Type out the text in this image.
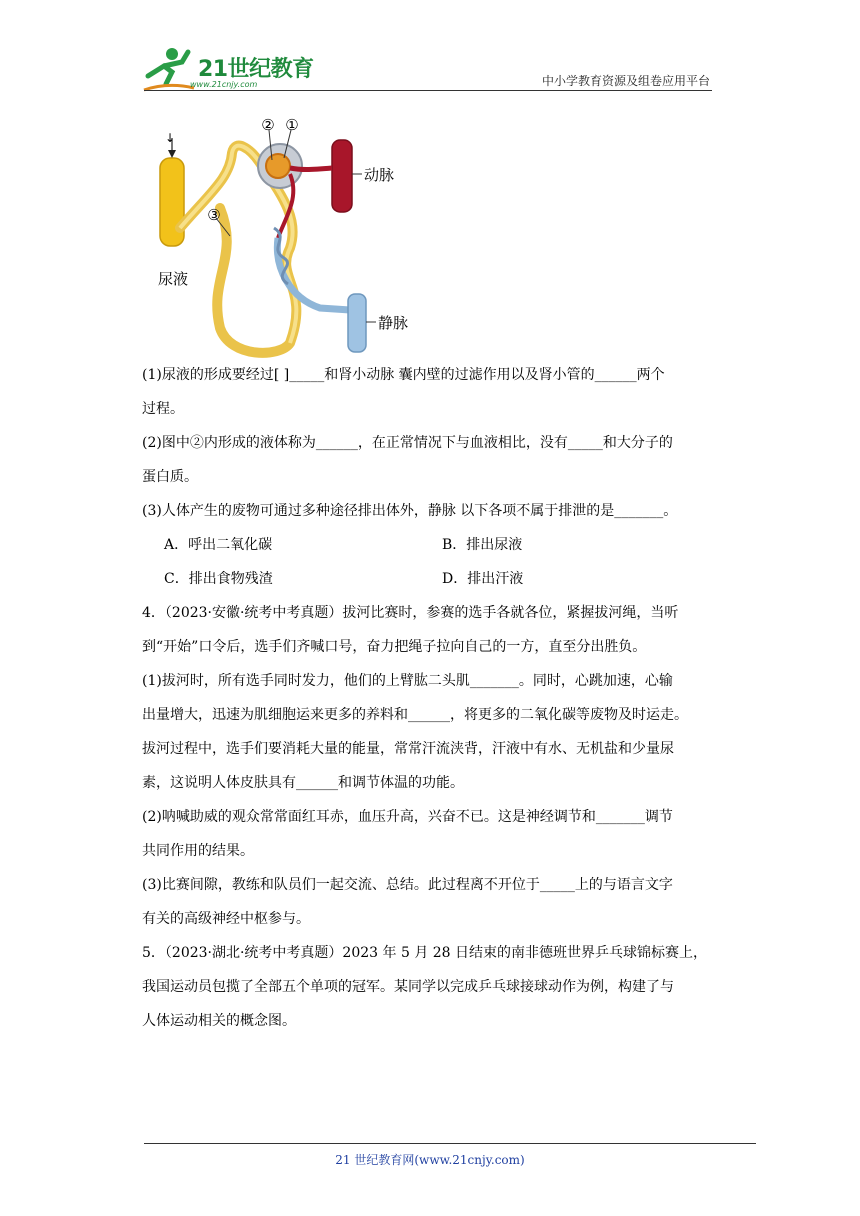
21世纪教育
www.21cnjy.com	中小学教育资源及组卷应用平台
↓
② ①
③
动脉
尿液
静脉

(1)尿液的形成要经过[ ]_____和肾小动脉 囊内壁的过滤作用以及肾小管的______两个

过程。

(2)图中②内形成的液体称为______，在正常情况下与血液相比，没有_____和大分子的

蛋白质。

(3)人体产生的废物可通过多种途径排出体外，静脉 以下各项不属于排泄的是_______。

A．呼出二氧化碳	B．排出尿液
C．排出食物残渣	D．排出汗液

4．（2023·安徽·统考中考真题）拔河比赛时，参赛的选手各就各位，紧握拔河绳，当听

到“开始”口令后，选手们齐喊口号，奋力把绳子拉向自己的一方，直至分出胜负。

(1)拔河时，所有选手同时发力，他们的上臂肱二头肌_______。同时，心跳加速，心输

出量增大，迅速为肌细胞运来更多的养料和______，将更多的二氧化碳等废物及时运走。

拔河过程中，选手们要消耗大量的能量，常常汗流浃背，汗液中有水、无机盐和少量尿

素，这说明人体皮肤具有______和调节体温的功能。

(2)呐喊助威的观众常常面红耳赤，血压升高，兴奋不已。这是神经调节和_______调节

共同作用的结果。

(3)比赛间隙，教练和队员们一起交流、总结。此过程离不开位于_____上的与语言文字

有关的高级神经中枢参与。

5．（2023·湖北·统考中考真题）2023 年 5 月 28 日结束的南非德班世界乒乓球锦标赛上，

我国运动员包揽了全部五个单项的冠军。某同学以完成乒乓球接球动作为例，构建了与

人体运动相关的概念图。

21 世纪教育网(www.21cnjy.com)
